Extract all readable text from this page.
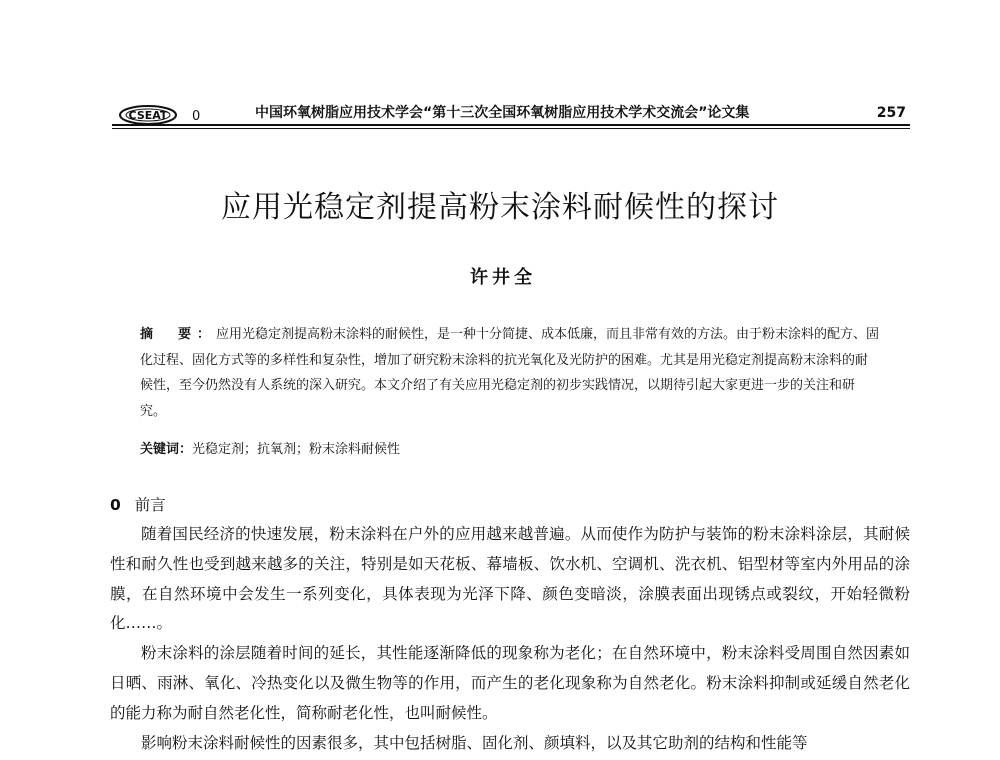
CSEAT 0	中国环氧树脂应用技术学会“第十三次全国环氧树脂应用技术学术交流会”论文集	257
应用光稳定剂提高粉末涂料耐候性的探讨
许井全
摘　要：应用光稳定剂提高粉末涂料的耐候性，是一种十分简捷、成本低廉，而且非常有效的方法。由于粉末涂料的配方、固化过程、固化方式等的多样性和复杂性，增加了研究粉末涂料的抗光氧化及光防护的困难。尤其是用光稳定剂提高粉末涂料的耐候性，至今仍然没有人系统的深入研究。本文介绍了有关应用光稳定剂的初步实践情况，以期待引起大家更进一步的关注和研究。
关键词：光稳定剂；抗氧剂；粉末涂料耐候性
0 前言

随着国民经济的快速发展，粉末涂料在户外的应用越来越普遍。从而使作为防护与装饰的粉末涂料涂层，其耐候性和耐久性也受到越来越多的关注，特别是如天花板、幕墙板、饮水机、空调机、洗衣机、铝型材等室内外用品的涂膜，在自然环境中会发生一系列变化，具体表现为光泽下降、颜色变暗淡，涂膜表面出现锈点或裂纹，开始轻微粉化……。

粉末涂料的涂层随着时间的延长，其性能逐渐降低的现象称为老化；在自然环境中，粉末涂料受周围自然因素如日晒、雨淋、氧化、冷热变化以及微生物等的作用，而产生的老化现象称为自然老化。粉末涂料抑制或延缓自然老化的能力称为耐自然老化性，简称耐老化性，也叫耐候性。

影响粉末涂料耐候性的因素很多，其中包括树脂、固化剂、颜填料，以及其它助剂的结构和性能等
